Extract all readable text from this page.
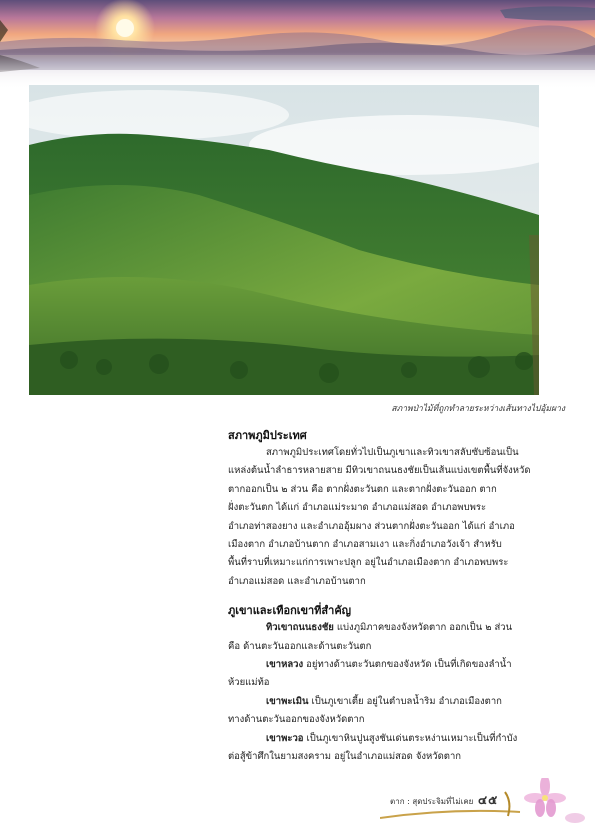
สภาพป่าไม้ที่ถูกทำลายระหว่างเส้นทางไปอุ้มผาง

สภาพภูมิประเทศ

สภาพภูมิประเทศโดยทั่วไปเป็นภูเขาและทิวเขาสลับซับซ้อนเป็น
แหล่งต้นน้ำลำธารหลายสาย มีทิวเขาถนนธงชัยเป็นเส้นแบ่งเขตพื้นที่จังหวัด
ตากออกเป็น ๒ ส่วน คือ ตากฝั่งตะวันตก และตากฝั่งตะวันออก ตาก
ฝั่งตะวันตก ได้แก่ อำเภอแม่ระมาด อำเภอแม่สอด อำเภอพบพระ
อำเภอท่าสองยาง และอำเภออุ้มผาง ส่วนตากฝั่งตะวันออก ได้แก่ อำเภอ
เมืองตาก อำเภอบ้านตาก อำเภอสามเงา และกิ่งอำเภอวังเจ้า สำหรับ
พื้นที่ราบที่เหมาะแก่การเพาะปลูก อยู่ในอำเภอเมืองตาก อำเภอพบพระ
อำเภอแม่สอด และอำเภอบ้านตาก

ภูเขาและเทือกเขาที่สำคัญ

ทิวเขาถนนธงชัย แบ่งภูมิภาคของจังหวัดตาก ออกเป็น ๒ ส่วน
คือ ด้านตะวันออกและด้านตะวันตก
เขาหลวง อยู่ทางด้านตะวันตกของจังหวัด เป็นที่เกิดของลำน้ำ
ห้วยแม่ท้อ
เขาพะเมิน เป็นภูเขาเตี้ย อยู่ในตำบลน้ำริม อำเภอเมืองตาก
ทางด้านตะวันออกของจังหวัดตาก
เขาพะวอ เป็นภูเขาหินปูนสูงชันเด่นตระหง่านเหมาะเป็นที่กำบัง
ต่อสู้ข้าศึกในยามสงคราม อยู่ในอำเภอแม่สอด จังหวัดตาก
ตาก : สุดประจิมที่ไม่เคย ๔๕
